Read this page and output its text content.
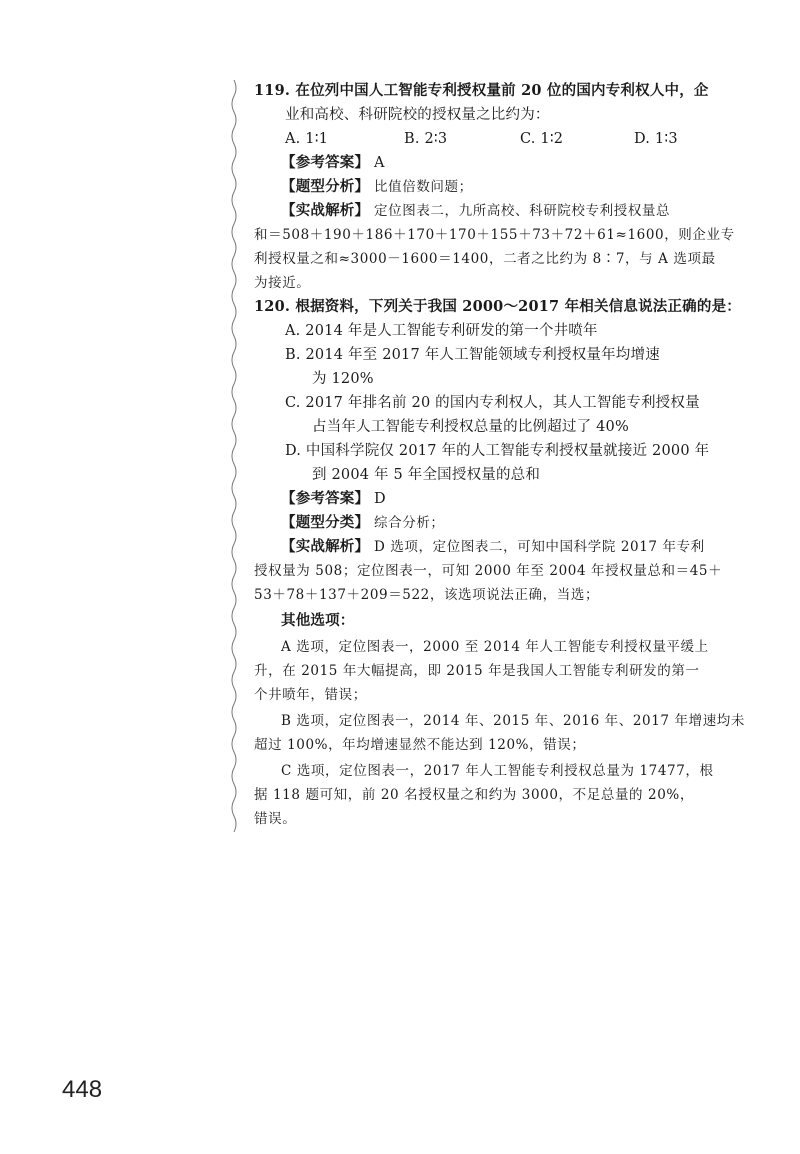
119. 在位列中国人工智能专利授权量前 20 位的国内专利权人中，企
业和高校、科研院校的授权量之比约为：
A. 1∶1	B. 2∶3	C. 1∶2	D. 1∶3
【参考答案】 A
【题型分析】 比值倍数问题；
【实战解析】 定位图表二，九所高校、科研院校专利授权量总
和＝508＋190＋186＋170＋170＋155＋73＋72＋61≈1600，则企业专
利授权量之和≈3000－1600＝1400，二者之比约为 8∶7，与 A 选项最
为接近。
120. 根据资料，下列关于我国 2000～2017 年相关信息说法正确的是：
A. 2014 年是人工智能专利研发的第一个井喷年
B. 2014 年至 2017 年人工智能领域专利授权量年均增速
为 120%
C. 2017 年排名前 20 的国内专利权人，其人工智能专利授权量
占当年人工智能专利授权总量的比例超过了 40%
D. 中国科学院仅 2017 年的人工智能专利授权量就接近 2000 年
到 2004 年 5 年全国授权量的总和
【参考答案】 D
【题型分类】 综合分析；
【实战解析】 D 选项，定位图表二，可知中国科学院 2017 年专利
授权量为 508；定位图表一，可知 2000 年至 2004 年授权量总和＝45＋
53＋78＋137＋209＝522，该选项说法正确，当选；
其他选项：
A 选项，定位图表一，2000 至 2014 年人工智能专利授权量平缓上
升，在 2015 年大幅提高，即 2015 年是我国人工智能专利研发的第一
个井喷年，错误；
B 选项，定位图表一，2014 年、2015 年、2016 年、2017 年增速均未
超过 100%，年均增速显然不能达到 120%，错误；
C 选项，定位图表一，2017 年人工智能专利授权总量为 17477，根
据 118 题可知，前 20 名授权量之和约为 3000，不足总量的 20%，
错误。
448
